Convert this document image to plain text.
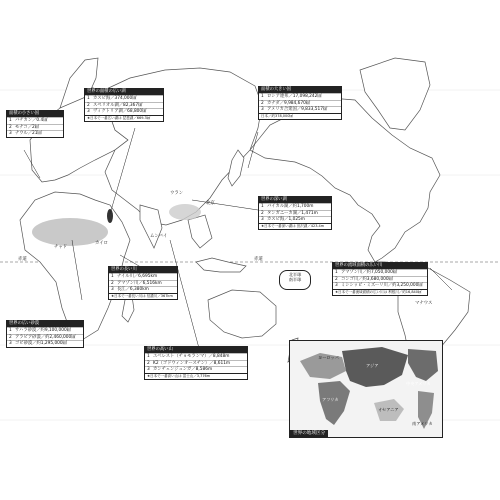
赤道	赤道
北半球
南半球
面積の小さい国
1 バチカン／0.4㎢
2 モナコ／2㎢
3 ナウル／21㎢
世界の面積の広い湖
1 カスピ海／374,000㎢
2 スペリオル湖／82,367㎢
3 ヴィクトリア湖／68,800㎢
★日本で一番広い湖は 琵琶湖／669.3㎢
面積の大きい国
1 ロシア連邦／17,098,242㎢
2 カナダ／9,984,670㎢
3 アメリカ合衆国／9,833,517㎢
日本／約378,000㎢
世界の深い湖
1 バイカル湖／約1,700m
2 タンガニーカ湖／1,471m
3 カスピ海／1,025m
★日本で一番深い湖は 田沢湖／423.4m
世界の長い川
1 ナイル川／6,695km
2 アマゾン川／6,516km
3 長江／6,380km
★日本で一番長い川は 信濃川／367km
世界の広い砂漠
1 サハラ砂漠／約9,100,000㎢
2 アラビア砂漠／約2,460,000㎢
3 ゴビ砂漠／約1,295,000㎢
世界の高い山
1 エベレスト（チョモランマ）／8,848m
2 K2（ゴドウィンオースチン）／8,611m
3 カンチェンジュンガ／8,586m
★日本で一番高い山は 富士山／3,776m
世界の流域面積の広い川
1 アマゾン川／約7,050,000㎢
2 コンゴ川／約3,680,000㎢
3 ミシシッピ・ミズーリ川／約3,250,000㎢
★日本で一番流域面積の広い川は 利根川／約16,840㎢
ヨーロッパ
アジア
アフリカ
中央アメリカ
オセアニア
南アメリカ
世界の地域区分
ムンバイ
チャド
マナウス
カイロ
北京
ウラン
